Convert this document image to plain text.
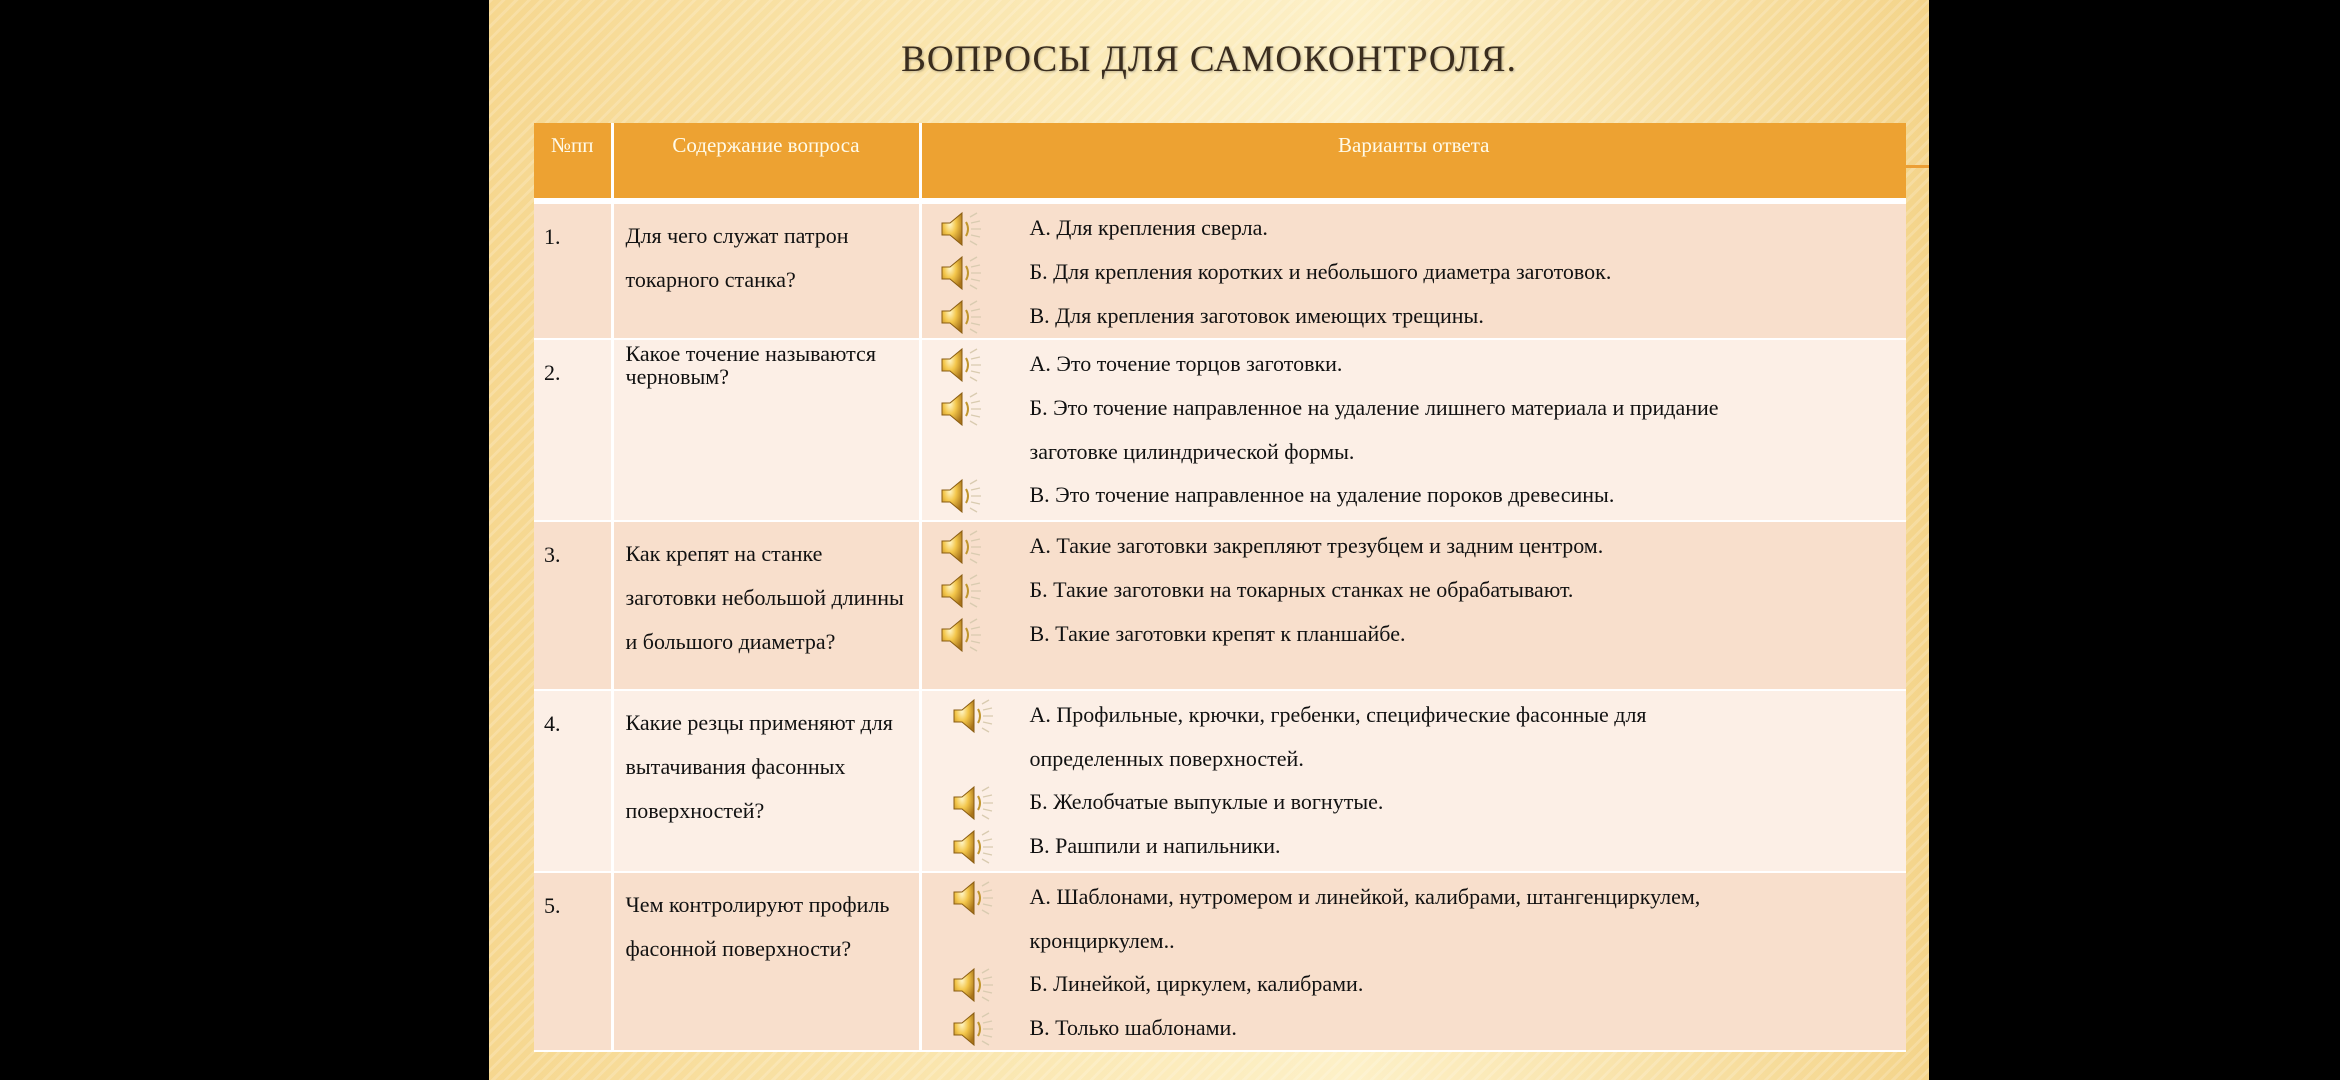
ВОПРОСЫ ДЛЯ САМОКОНТРОЛЯ.
№пп	Содержание вопроса	Варианты ответа
1.	Для чего служат патрон токарного станка?	А. Для крепления сверла.
Б. Для крепления коротких и небольшого диаметра заготовок.
В. Для крепления заготовок имеющих трещины.

2.	Какое точение называются черновым?	А. Это точение торцов заготовки.
Б. Это точение направленное на удаление лишнего материала и придание
заготовке цилиндрической формы.
В. Это точение направленное на удаление пороков древесины.

3.	Как крепят на станке заготовки небольшой длинны и большого диаметра?	А. Такие заготовки закрепляют трезубцем и задним центром.
Б. Такие заготовки на токарных станках не обрабатывают.
В. Такие заготовки крепят к планшайбе.

4.	Какие резцы применяют для вытачивания фасонных поверхностей?	А. Профильные, крючки, гребенки, специфические фасонные для
определенных поверхностей.
Б. Желобчатые выпуклые и вогнутые.
В. Рашпили и напильники.

5.	Чем контролируют профиль фасонной поверхности?	А. Шаблонами, нутромером и линейкой, калибрами, штангенциркулем,
кронциркулем..
Б. Линейкой, циркулем, калибрами.
В. Только шаблонами.
